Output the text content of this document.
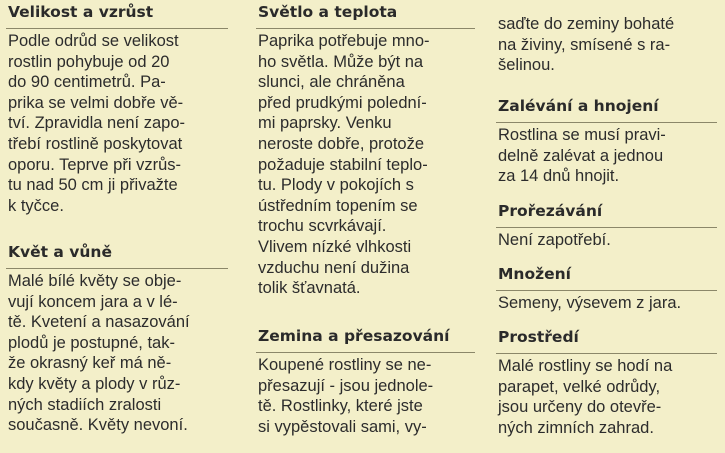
Velikost a vzrůst
Podle odrůd se velikost
rostlin pohybuje od 20
do 90 centimetrů. Pa-
prika se velmi dobře vě-
tví. Zpravidla není zapo-
třebí rostlině poskytovat
oporu. Teprve při vzrůs-
tu nad 50 cm ji přivažte
k tyčce.
Květ a vůně
Malé bílé květy se obje-
vují koncem jara a v lé-
tě. Kvetení a nasazování
plodů je postupné, tak-
že okrasný keř má ně-
kdy květy a plody v růz-
ných stadiích zralosti
současně. Květy nevoní.
Světlo a teplota
Paprika potřebuje mno-
ho světla. Může být na
slunci, ale chráněna
před prudkými polední-
mi paprsky. Venku
neroste dobře, protože
požaduje stabilní teplo-
tu. Plody v pokojích s
ústředním topením se
trochu scvrkávají.
Vlivem nízké vlhkosti
vzduchu není dužina
tolik šťavnatá.
Zemina a přesazování
Koupené rostliny se ne-
přesazují - jsou jednole-
tě. Rostlinky, které jste
si vypěstovali sami, vy-
saďte do zeminy bohaté
na živiny, smísené s ra-
šelinou.
Zalévání a hnojení
Rostlina se musí pravi-
delně zalévat a jednou
za 14 dnů hnojit.
Prořezávání
Není zapotřebí.
Množení
Semeny, výsevem z jara.
Prostředí
Malé rostliny se hodí na
parapet, velké odrůdy,
jsou určeny do otevře-
ných zimních zahrad.
